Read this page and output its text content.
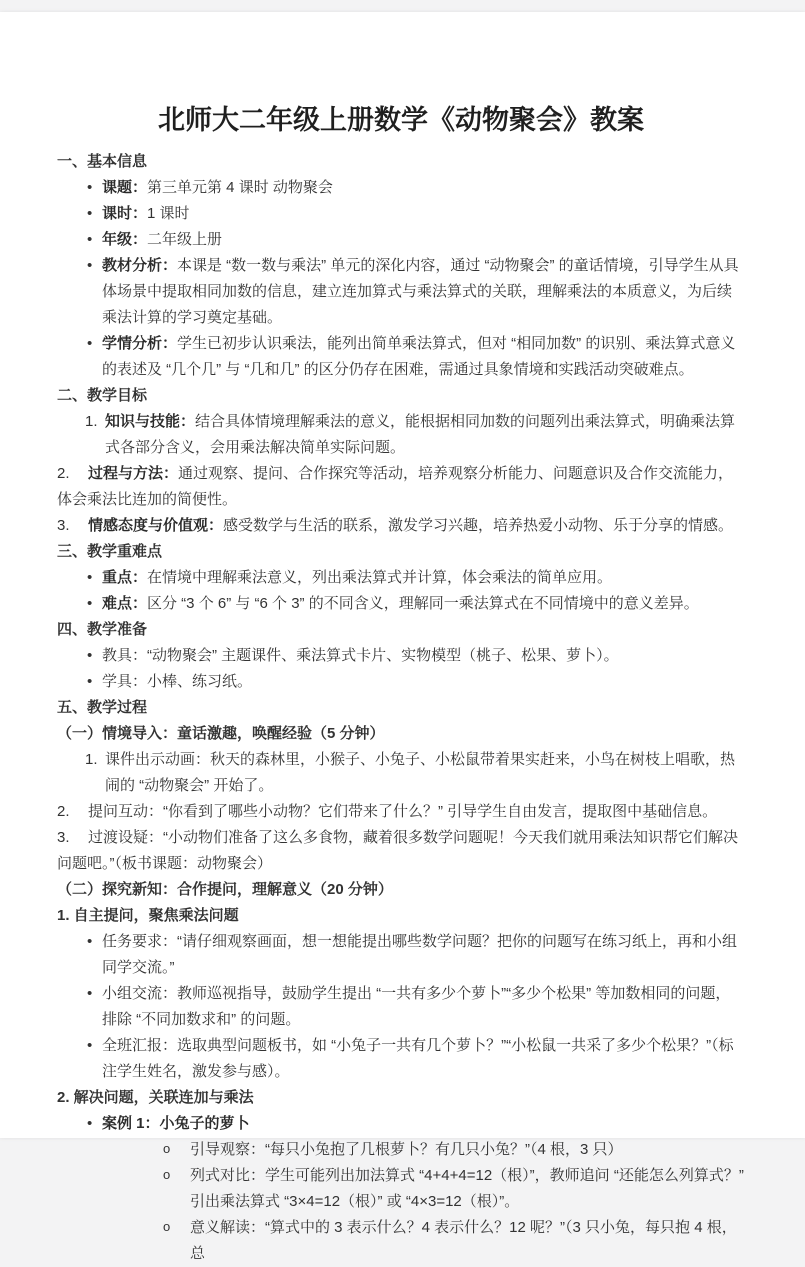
北师大二年级上册数学《动物聚会》教案
一、基本信息
• 课题：第三单元第 4 课时 动物聚会
• 课时：1 课时
• 年级：二年级上册
• 教材分析：本课是 “数一数与乘法” 单元的深化内容，通过 “动物聚会” 的童话情境，引导学生从具体场景中提取相同加数的信息，建立连加算式与乘法算式的关联，理解乘法的本质意义，为后续乘法计算的学习奠定基础。
• 学情分析：学生已初步认识乘法，能列出简单乘法算式，但对 “相同加数” 的识别、乘法算式意义的表述及 “几个几” 与 “几和几” 的区分仍存在困难，需通过具象情境和实践活动突破难点。
二、教学目标
1. 知识与技能：结合具体情境理解乘法的意义，能根据相同加数的问题列出乘法算式，明确乘法算式各部分含义，会用乘法解决简单实际问题。
2. 过程与方法：通过观察、提问、合作探究等活动，培养观察分析能力、问题意识及合作交流能力，体会乘法比连加的简便性。
3. 情感态度与价值观：感受数学与生活的联系，激发学习兴趣，培养热爱小动物、乐于分享的情感。
三、教学重难点
• 重点：在情境中理解乘法意义，列出乘法算式并计算，体会乘法的简单应用。
• 难点：区分 “3 个 6” 与 “6 个 3” 的不同含义，理解同一乘法算式在不同情境中的意义差异。
四、教学准备
• 教具：“动物聚会” 主题课件、乘法算式卡片、实物模型（桃子、松果、萝卜）。
• 学具：小棒、练习纸。
五、教学过程
（一）情境导入：童话激趣，唤醒经验（5 分钟）
1. 课件出示动画：秋天的森林里，小猴子、小兔子、小松鼠带着果实赶来，小鸟在树枝上唱歌，热闹的 “动物聚会” 开始了。
2. 提问互动：“你看到了哪些小动物？它们带来了什么？” 引导学生自由发言，提取图中基础信息。
3. 过渡设疑：“小动物们准备了这么多食物，藏着很多数学问题呢！今天我们就用乘法知识帮它们解决问题吧。”（板书课题：动物聚会）
（二）探究新知：合作提问，理解意义（20 分钟）
1. 自主提问，聚焦乘法问题
• 任务要求：“请仔细观察画面，想一想能提出哪些数学问题？把你的问题写在练习纸上，再和小组同学交流。”
• 小组交流：教师巡视指导，鼓励学生提出 “一共有多少个萝卜”“多少个松果” 等加数相同的问题，排除 “不同加数求和” 的问题。
• 全班汇报：选取典型问题板书，如 “小兔子一共有几个萝卜？”“小松鼠一共采了多少个松果？”（标注学生姓名，激发参与感）。
2. 解决问题，关联连加与乘法
• 案例 1：小兔子的萝卜
o 引导观察：“每只小兔抱了几根萝卜？有几只小兔？”（4 根，3 只）
o 列式对比：学生可能列出加法算式 “4+4+4=12（根）”，教师追问 “还能怎么列算式？” 引出乘法算式 “3×4=12（根）” 或 “4×3=12（根）”。
o 意义解读：“算式中的 3 表示什么？4 表示什么？12 呢？”（3 只小兔，每只抱 4 根，总
